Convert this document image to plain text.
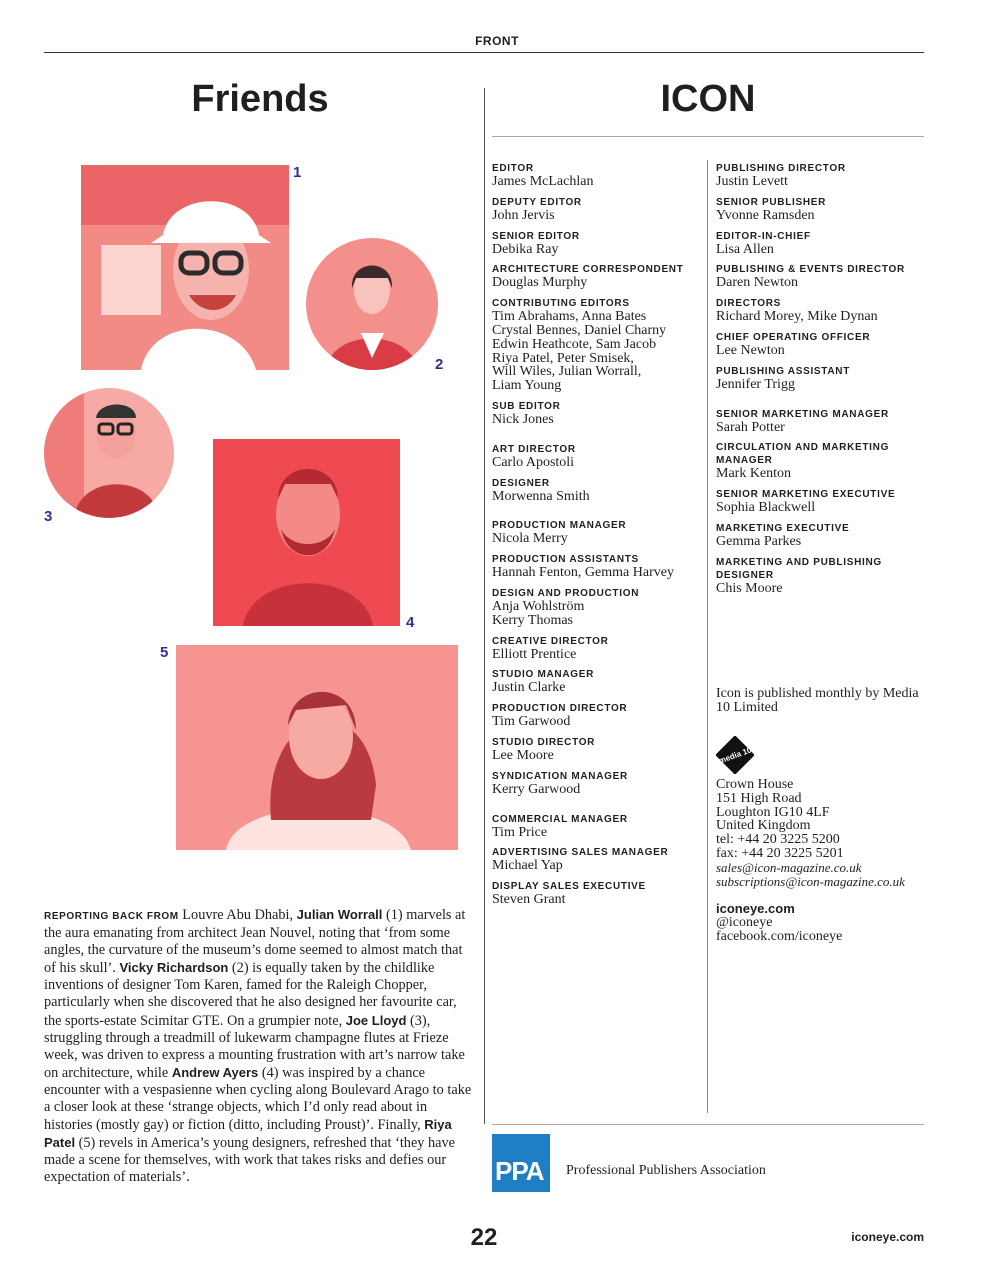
FRONT
Friends	ICON
1
2
3
4
5
REPORTING BACK FROM Louvre Abu Dhabi, Julian Worrall (1) marvels at the aura emanating from architect Jean Nouvel, noting that ‘from some angles, the curvature of the museum’s dome seemed to almost match that of his skull’. Vicky Richardson (2) is equally taken by the childlike inventions of designer Tom Karen, famed for the Raleigh Chopper, particularly when she discovered that he also designed her favourite car, the sports-estate Scimitar GTE. On a grumpier note, Joe Lloyd (3), struggling through a treadmill of lukewarm champagne flutes at Frieze week, was driven to express a mounting frustration with art’s narrow take on architecture, while Andrew Ayers (4) was inspired by a chance encounter with a vespasienne when cycling along Boulevard Arago to take a closer look at these ‘strange objects, which I’d only read about in histories (mostly gay) or fiction (ditto, including Proust)’. Finally, Riya Patel (5) revels in America’s young designers, refreshed that ‘they have made a scene for themselves, with work that takes risks and defies our expectation of materials’.
EDITOR
James McLachlan
DEPUTY EDITOR
John Jervis
SENIOR EDITOR
Debika Ray
ARCHITECTURE CORRESPONDENT
Douglas Murphy
CONTRIBUTING EDITORS
Tim Abrahams, Anna Bates
Crystal Bennes, Daniel Charny
Edwin Heathcote, Sam Jacob
Riya Patel, Peter Smisek,
Will Wiles, Julian Worrall,
Liam Young
SUB EDITOR
Nick Jones
ART DIRECTOR
Carlo Apostoli
DESIGNER
Morwenna Smith
PRODUCTION MANAGER
Nicola Merry
PRODUCTION ASSISTANTS
Hannah Fenton, Gemma Harvey
DESIGN AND PRODUCTION
Anja Wohlström
Kerry Thomas
CREATIVE DIRECTOR
Elliott Prentice
STUDIO MANAGER
Justin Clarke
PRODUCTION DIRECTOR
Tim Garwood
STUDIO DIRECTOR
Lee Moore
SYNDICATION MANAGER
Kerry Garwood
COMMERCIAL MANAGER
Tim Price
ADVERTISING SALES MANAGER
Michael Yap
DISPLAY SALES EXECUTIVE
Steven Grant
PUBLISHING DIRECTOR
Justin Levett
SENIOR PUBLISHER
Yvonne Ramsden
EDITOR-IN-CHIEF
Lisa Allen
PUBLISHING & EVENTS DIRECTOR
Daren Newton
DIRECTORS
Richard Morey, Mike Dynan
CHIEF OPERATING OFFICER
Lee Newton
PUBLISHING ASSISTANT
Jennifer Trigg
SENIOR MARKETING MANAGER
Sarah Potter
CIRCULATION AND MARKETING MANAGER
Mark Kenton
SENIOR MARKETING EXECUTIVE
Sophia Blackwell
MARKETING EXECUTIVE
Gemma Parkes
MARKETING AND PUBLISHING DESIGNER
Chis Moore
Icon is published monthly by Media 10 Limited
media 10
Crown House
151 High Road
Loughton IG10 4LF
United Kingdom
tel: +44 20 3225 5200
fax: +44 20 3225 5201
sales@icon-magazine.co.uk
subscriptions@icon-magazine.co.uk
iconeye.com
@iconeye
facebook.com/iconeye
PPA Professional Publishers Association
22	iconeye.com
